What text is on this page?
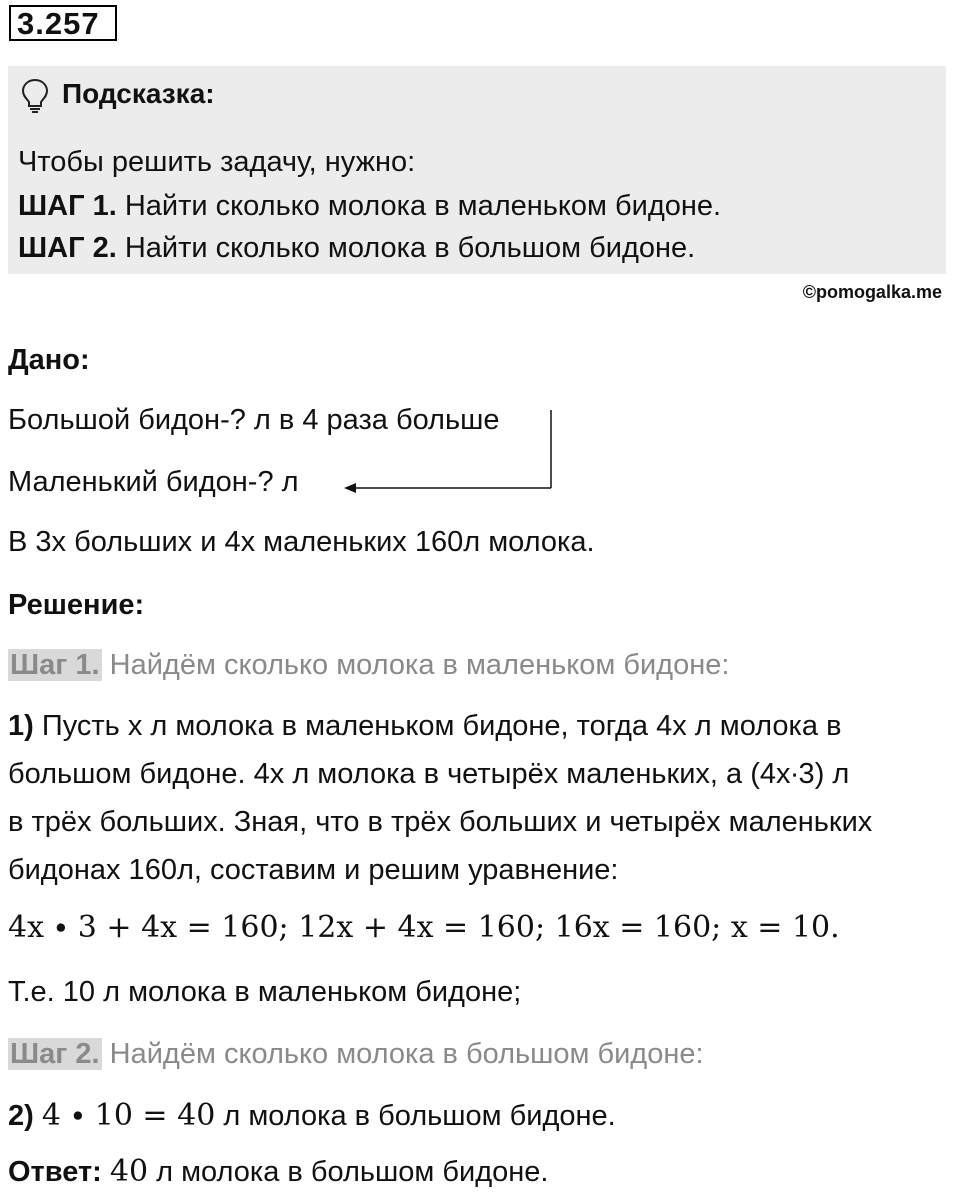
3.257
Подсказка:
Чтобы решить задачу, нужно:
ШАГ 1. Найти сколько молока в маленьком бидоне.
ШАГ 2. Найти сколько молока в большом бидоне.
©pomogalka.me
Дано:
Большой бидон-? л в 4 раза больше
Маленький бидон-? л
В 3х больших и 4х маленьких 160л молока.
Решение:
Шаг 1. Найдём сколько молока в маленьком бидоне:
1) Пусть х л молока в маленьком бидоне, тогда 4х л молока в
большом бидоне. 4х л молока в четырёх маленьких, а (4х∙3) л
в трёх больших. Зная, что в трёх больших и четырёх маленьких
бидонах 160л, составим и решим уравнение:
4x ∙ 3 + 4x = 160; 12x + 4x = 160; 16x = 160; x = 10.
Т.е. 10 л молока в маленьком бидоне;
Шаг 2. Найдём сколько молока в большом бидоне:
2) 4 ∙ 10 = 40 л молока в большом бидоне.
Ответ: 40 л молока в большом бидоне.
